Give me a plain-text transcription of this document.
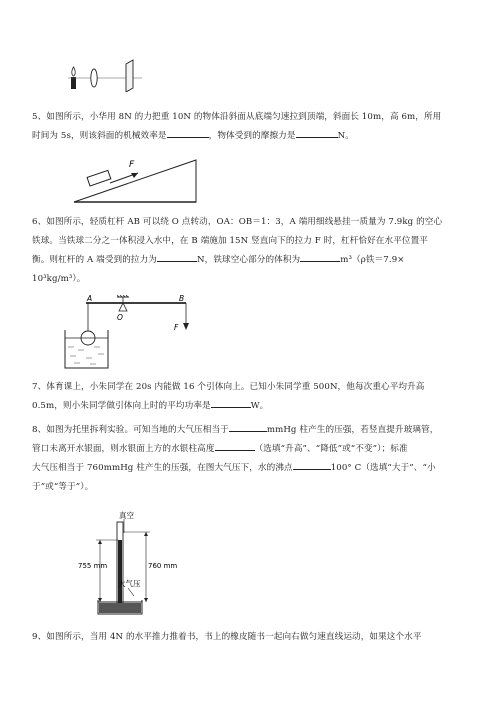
5、如图所示，小华用 8N 的力把重 10N 的物体沿斜面从底端匀速拉到顶端，斜面长 10m，高 6m，所用
时间为 5s，则该斜面的机械效率是	，物体受到的摩擦力是	N。
F
6、如图所示，轻质杠杆 AB 可以绕 O 点转动，OA：OB＝1：3，A 端用细线悬挂一质量为 7.9kg 的空心
铁球。当铁球二分之一体积浸入水中，在 B 端施加 15N 竖直向下的拉力 F 时，杠杆恰好在水平位置平
衡。则杠杆的 A 端受到的拉力为	N，铁球空心部分的体积为	m³（ρ铁＝7.9×
10³kg/m³）。
A
O
B
F
7、体育课上，小朱同学在 20s 内能做 16 个引体向上。已知小朱同学重 500N，他每次重心平均升高
0.5m，则小朱同学做引体向上时的平均功率是	W。
8、如图为托里拆利实验。可知当地的大气压相当于	mmHg 柱产生的压强，若竖直提升玻璃管，
管口未离开水银面，则水银面上方的水银柱高度	（选填“升高”、“降低”或“不变”）；标准
大气压相当于 760mmHg 柱产生的压强，在图大气压下，水的沸点	100° C（选填“大于”、“小
于”或“等于”）。
真空
760 mm
755 mm
大气压
9、如图所示，当用 4N 的水平推力推着书，书上的橡皮随书一起向右做匀速直线运动，如果这个水平
